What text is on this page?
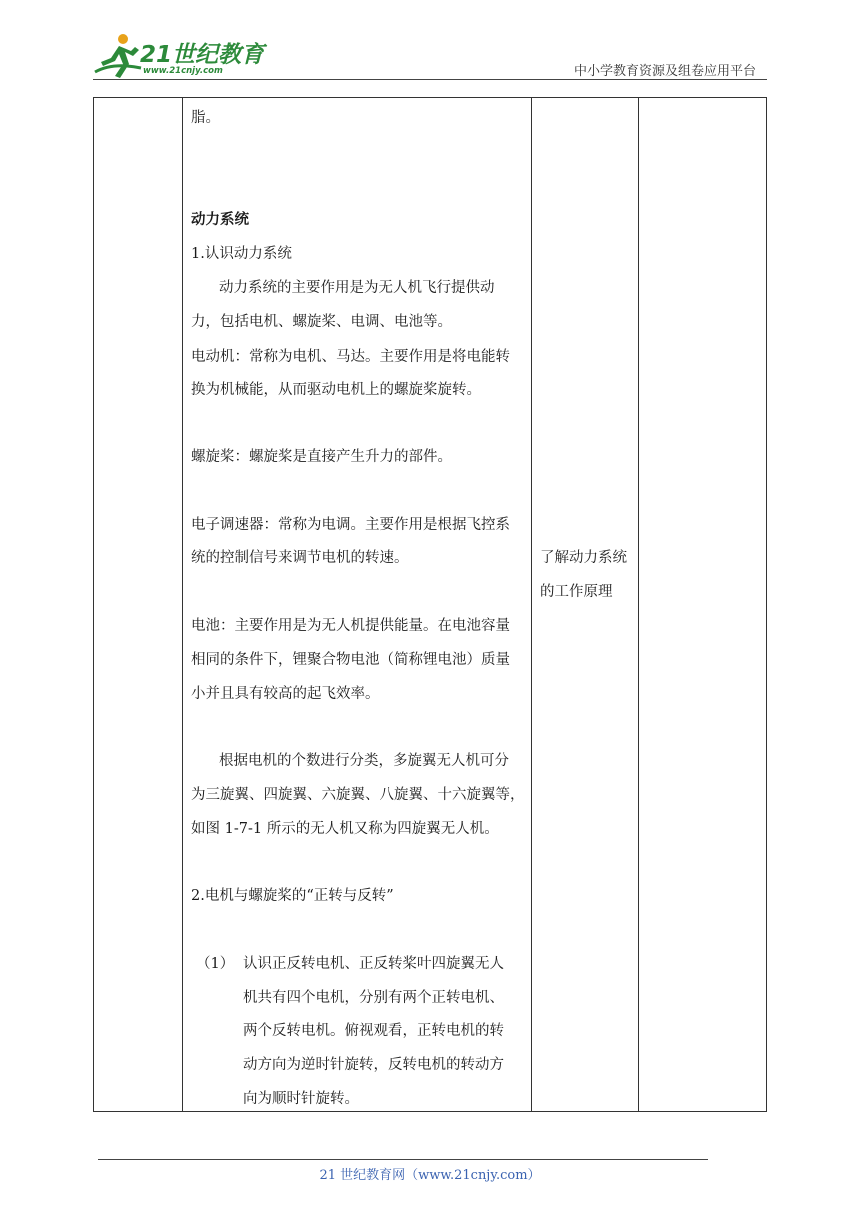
21世纪教育
www.21cnjy.com	中小学教育资源及组卷应用平台
脂。
动力系统
1.认识动力系统
动力系统的主要作用是为无人机飞行提供动
力，包括电机、螺旋桨、电调、电池等。
电动机：常称为电机、马达。主要作用是将电能转
换为机械能，从而驱动电机上的螺旋桨旋转。
螺旋桨：螺旋桨是直接产生升力的部件。
电子调速器：常称为电调。主要作用是根据飞控系
统的控制信号来调节电机的转速。
电池：主要作用是为无人机提供能量。在电池容量
相同的条件下，锂聚合物电池（简称锂电池）质量
小并且具有较高的起飞效率。
根据电机的个数进行分类，多旋翼无人机可分
为三旋翼、四旋翼、六旋翼、八旋翼、十六旋翼等，
如图 1-7-1 所示的无人机又称为四旋翼无人机。
2.电机与螺旋桨的“正转与反转”
（1） 认识正反转电机、正反转桨叶四旋翼无人
机共有四个电机，分别有两个正转电机、
两个反转电机。俯视观看，正转电机的转
动方向为逆时针旋转，反转电机的转动方
向为顺时针旋转。
了解动力系统
的工作原理
21 世纪教育网（www.21cnjy.com）
